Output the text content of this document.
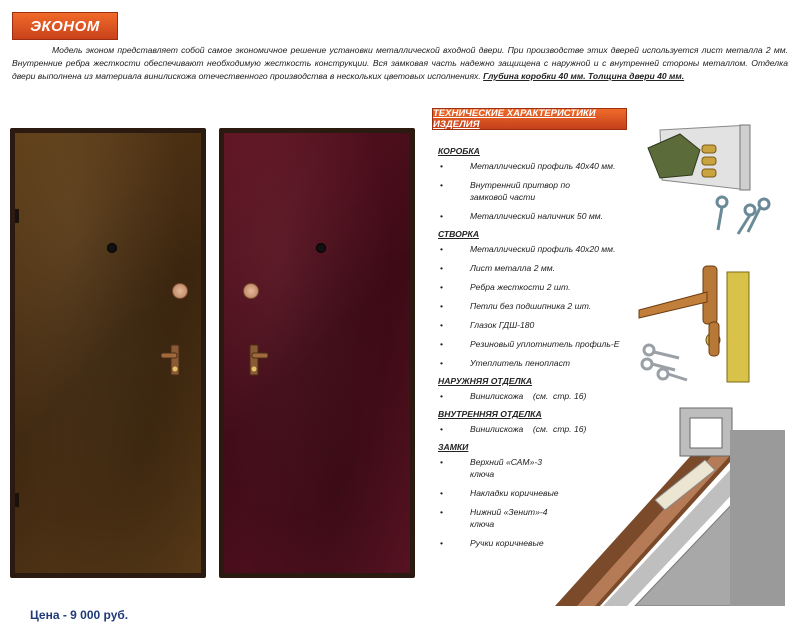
ЭКОНОМ

Модель эконом представляет собой самое экономичное решение установки металлической входной двери. При производстве этих дверей используется лист металла 2 мм. Внутренние ребра жесткости обеспечивают необходимую жесткость конструкции. Вся замковая часть надежно защищена с наружной и с внутренней стороны металлом. Отделка двери выполнена из материала винилискожа отечественного производства в нескольких цветовых исполнениях. Глубина коробки 40 мм. Толщина двери 40 мм.

ТЕХНИЧЕСКИЕ ХАРАКТЕРИСТИКИ ИЗДЕЛИЯ
КОРОБКА
•	Металлический профиль 40х40 мм.
•	Внутренний притвор по замковой части
•	Металлический наличник 50 мм.
СТВОРКА
•	Металлический профиль 40х20 мм.
•	Лист металла 2 мм.
•	Ребра жесткости 2 шт.
•	Петли без подшипника 2 шт.
•	Глазок ГДШ-180
•	Резиновый уплотнитель профиль-Е
•	Утеплитель пенопласт
НАРУЖНЯЯ ОТДЕЛКА
•	Винилискожа    (см.  стр. 16)
ВНУТРЕННЯЯ ОТДЕЛКА
•	Винилискожа    (см.  стр. 16)
ЗАМКИ
•	Верхний «САМ»-3 ключа
•	Накладки коричневые
•	Нижний «Зенит»-4 ключа
•	Ручки коричневые
Цена - 9 000 руб.
